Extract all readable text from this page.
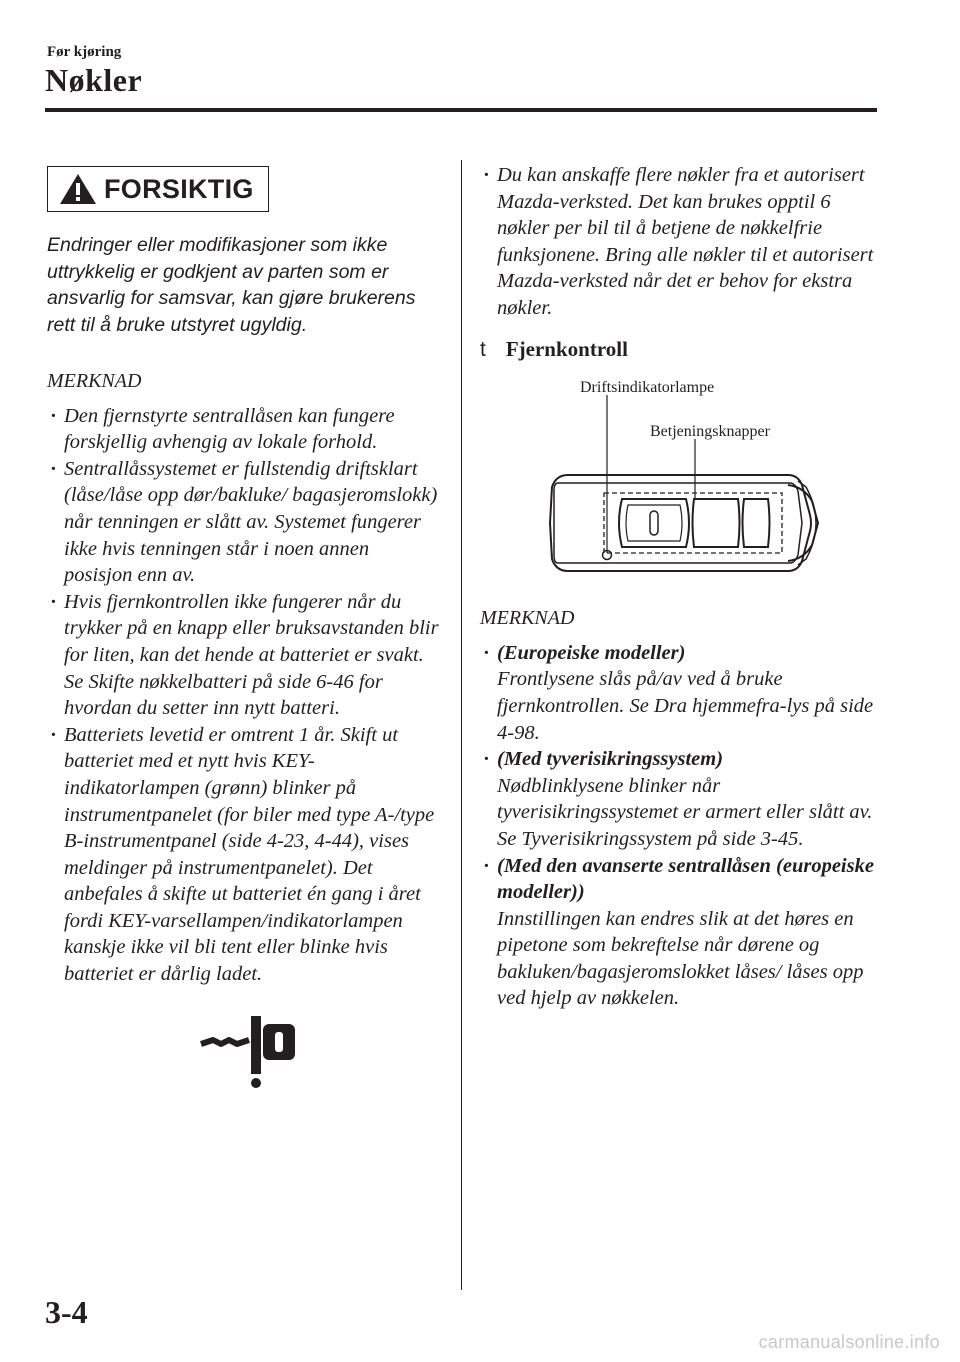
Før kjøring
Nøkler
FORSIKTIG
Endringer eller modifikasjoner som ikke uttrykkelig er godkjent av parten som er ansvarlig for samsvar, kan gjøre brukerens rett til å bruke utstyret ugyldig.
MERKNAD
· Den fjernstyrte sentrallåsen kan fungere forskjellig avhengig av lokale forhold.
· Sentrallåssystemet er fullstendig driftsklart (låse/låse opp dør/bakluke/ bagasjeromslokk) når tenningen er slått av. Systemet fungerer ikke hvis tenningen står i noen annen posisjon enn av.
· Hvis fjernkontrollen ikke fungerer når du trykker på en knapp eller bruksavstanden blir for liten, kan det hende at batteriet er svakt. Se Skifte nøkkelbatteri på side 6-46 for hvordan du setter inn nytt batteri.
· Batteriets levetid er omtrent 1 år. Skift ut batteriet med et nytt hvis KEY-indikatorlampen (grønn) blinker på instrumentpanelet (for biler med type A-/type B-instrumentpanel (side 4-23, 4-44), vises meldinger på instrumentpanelet). Det anbefales å skifte ut batteriet én gang i året fordi KEY-varsellampen/indikatorlampen kanskje ikke vil bli tent eller blinke hvis batteriet er dårlig ladet.
· Du kan anskaffe flere nøkler fra et autorisert Mazda-verksted. Det kan brukes opptil 6 nøkler per bil til å betjene de nøkkelfrie funksjonene. Bring alle nøkler til et autorisert Mazda-verksted når det er behov for ekstra nøkler.
t Fjernkontroll
Driftsindikatorlampe
Betjeningsknapper
MERKNAD
· (Europeiske modeller)
Frontlysene slås på/av ved å bruke fjernkontrollen. Se Dra hjemmefra-lys på side 4-98.
· (Med tyverisikringssystem)
Nødblinklysene blinker når tyverisikringssystemet er armert eller slått av.
Se Tyverisikringssystem på side 3-45.
· (Med den avanserte sentrallåsen (europeiske modeller))
Innstillingen kan endres slik at det høres en pipetone som bekreftelse når dørene og bakluken/bagasjeromslokket låses/ låses opp ved hjelp av nøkkelen.
3-4
carmanualsonline.info
